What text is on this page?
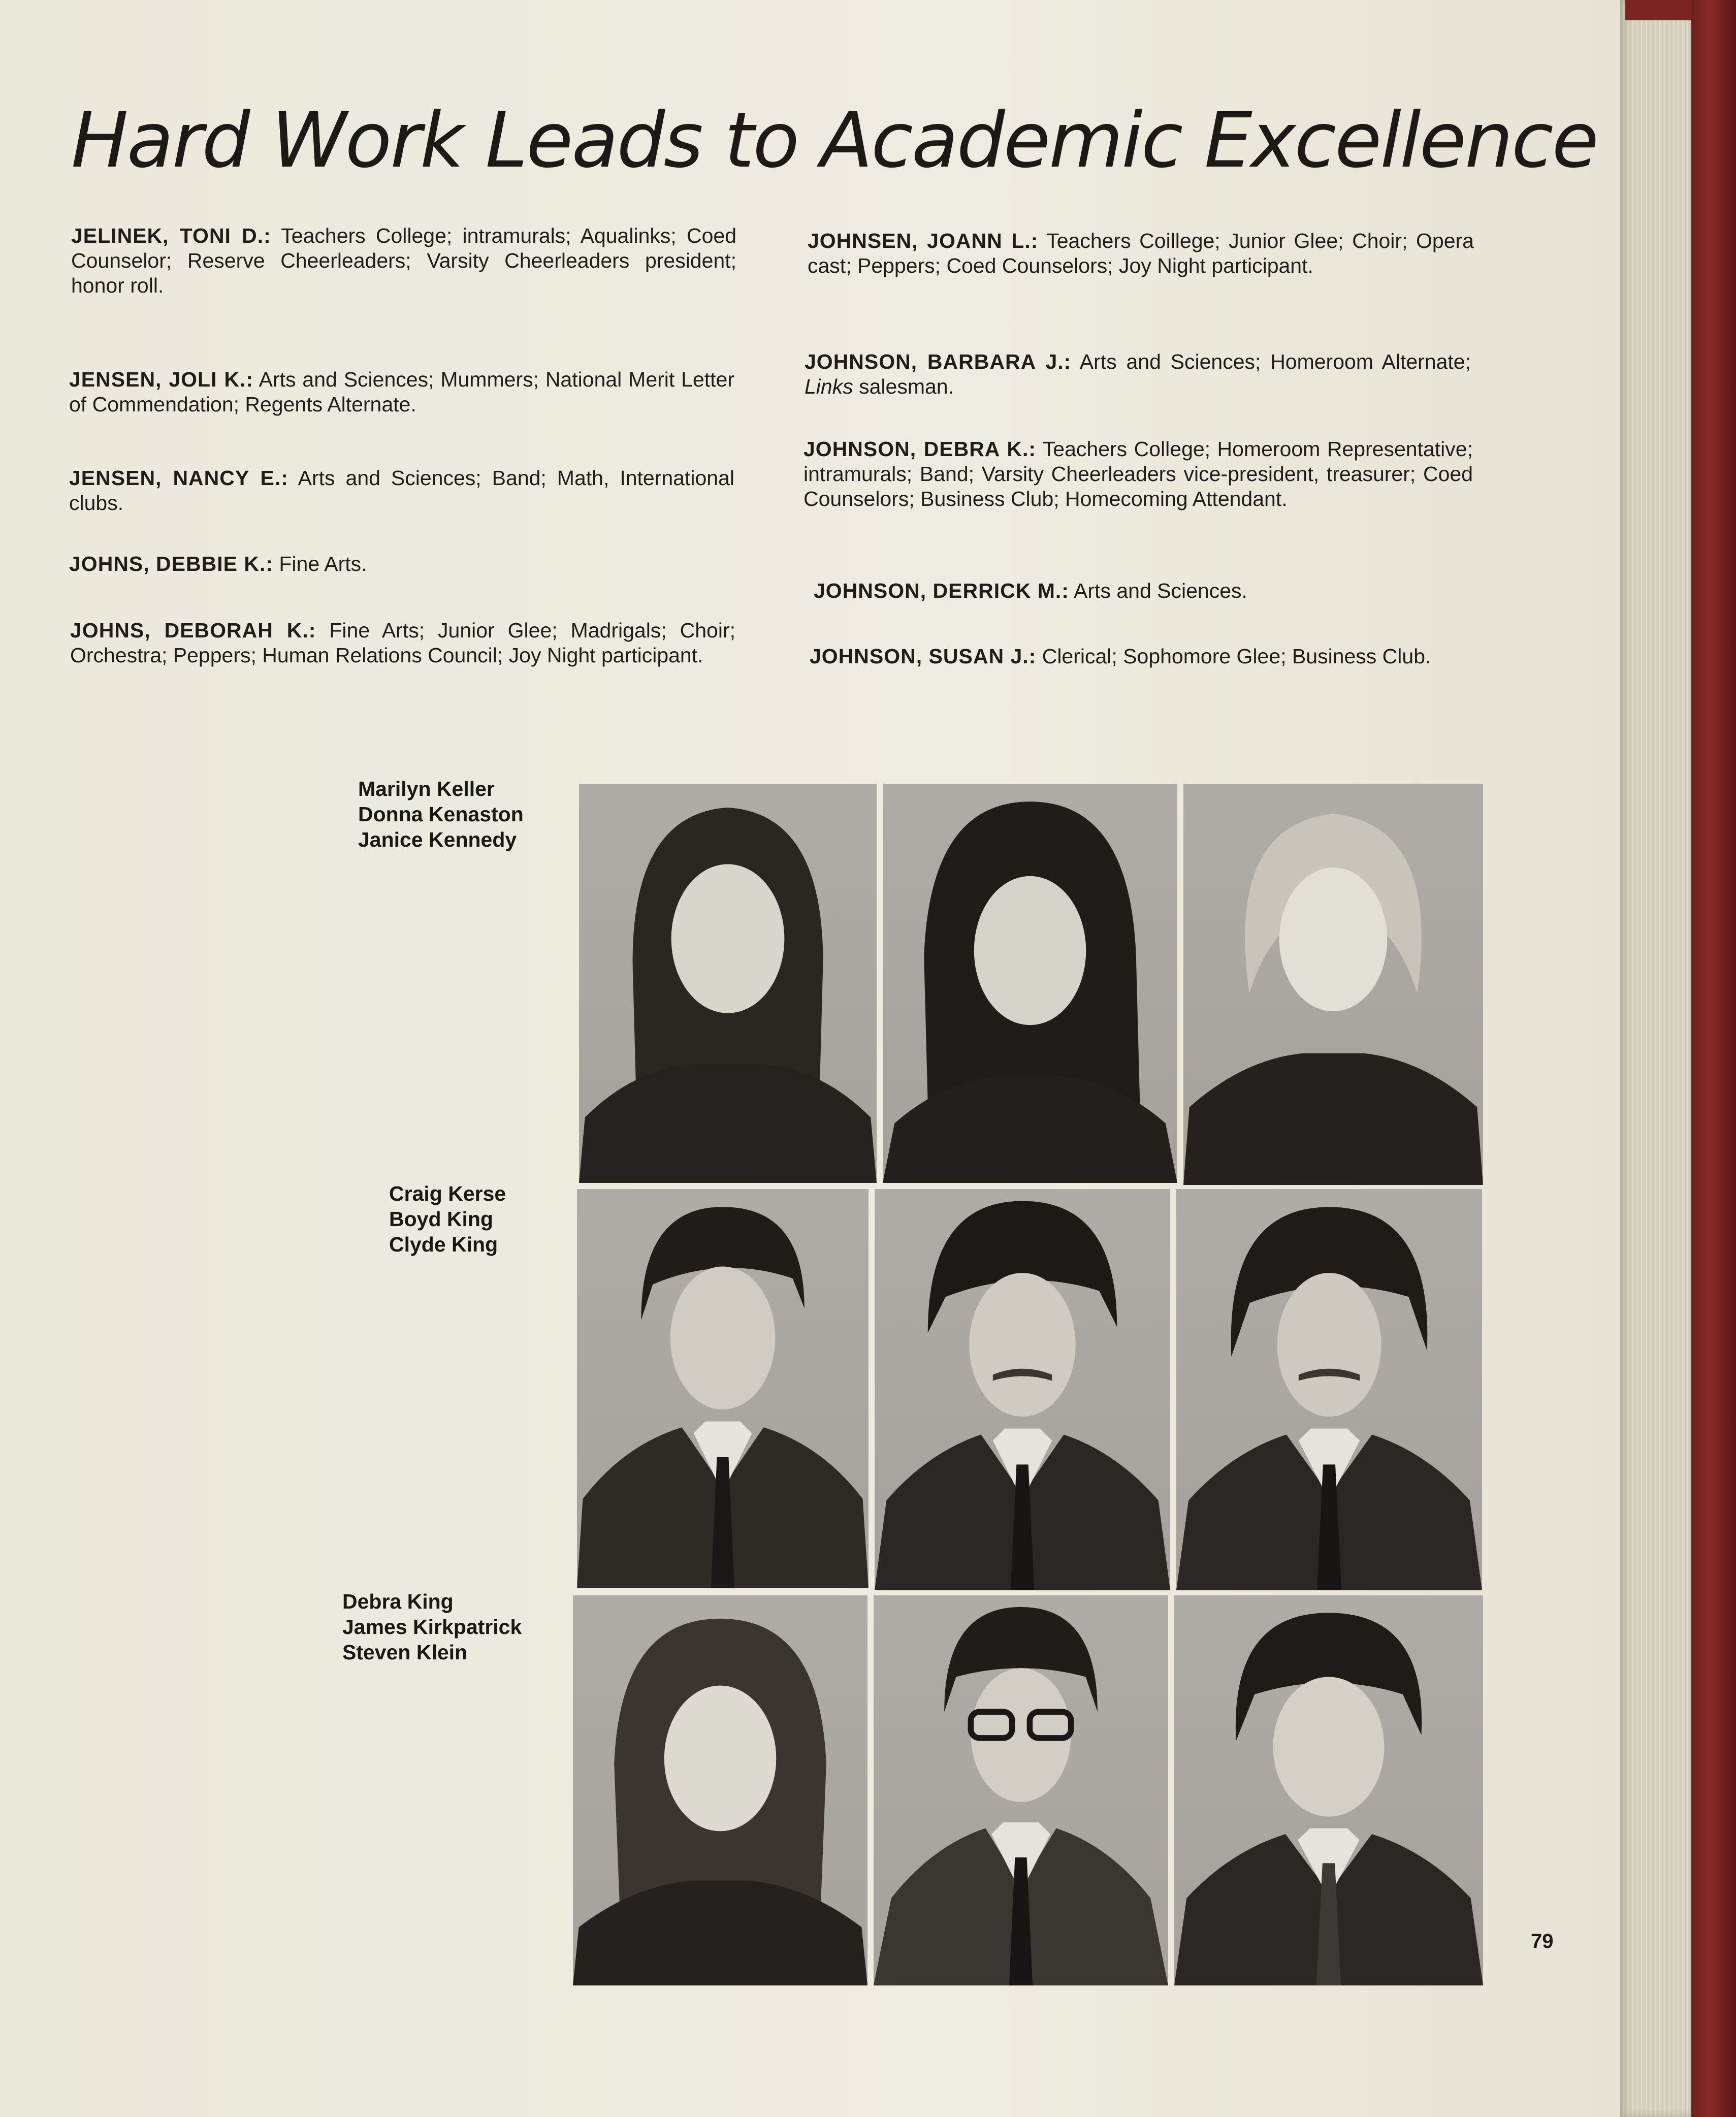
Hard Work Leads to Academic Excellence

JELINEK, TONI D.: Teachers College; intramurals; Aqualinks; Coed Counselor; Reserve Cheerleaders; Varsity Cheerleaders president; honor roll.

JENSEN, JOLI K.: Arts and Sciences; Mummers; National Merit Letter of Commendation; Regents Alternate.

JENSEN, NANCY E.: Arts and Sciences; Band; Math, International clubs.

JOHNS, DEBBIE K.: Fine Arts.

JOHNS, DEBORAH K.: Fine Arts; Junior Glee; Madrigals; Choir; Orchestra; Peppers; Human Relations Council; Joy Night participant.

JOHNSEN, JOANN L.: Teachers Coillege; Junior Glee; Choir; Opera cast; Peppers; Coed Counselors; Joy Night participant.

JOHNSON, BARBARA J.: Arts and Sciences; Homeroom Alternate; Links salesman.

JOHNSON, DEBRA K.: Teachers College; Homeroom Representative; intramurals; Band; Varsity Cheerleaders vice-president, treasurer; Coed Counselors; Business Club; Homecoming Attendant.

JOHNSON, DERRICK M.: Arts and Sciences.

JOHNSON, SUSAN J.: Clerical; Sophomore Glee; Business Club.

Marilyn Keller
Donna Kenaston
Janice Kennedy
Craig Kerse
Boyd King
Clyde King
Debra King
James Kirkpatrick
Steven Klein
79
